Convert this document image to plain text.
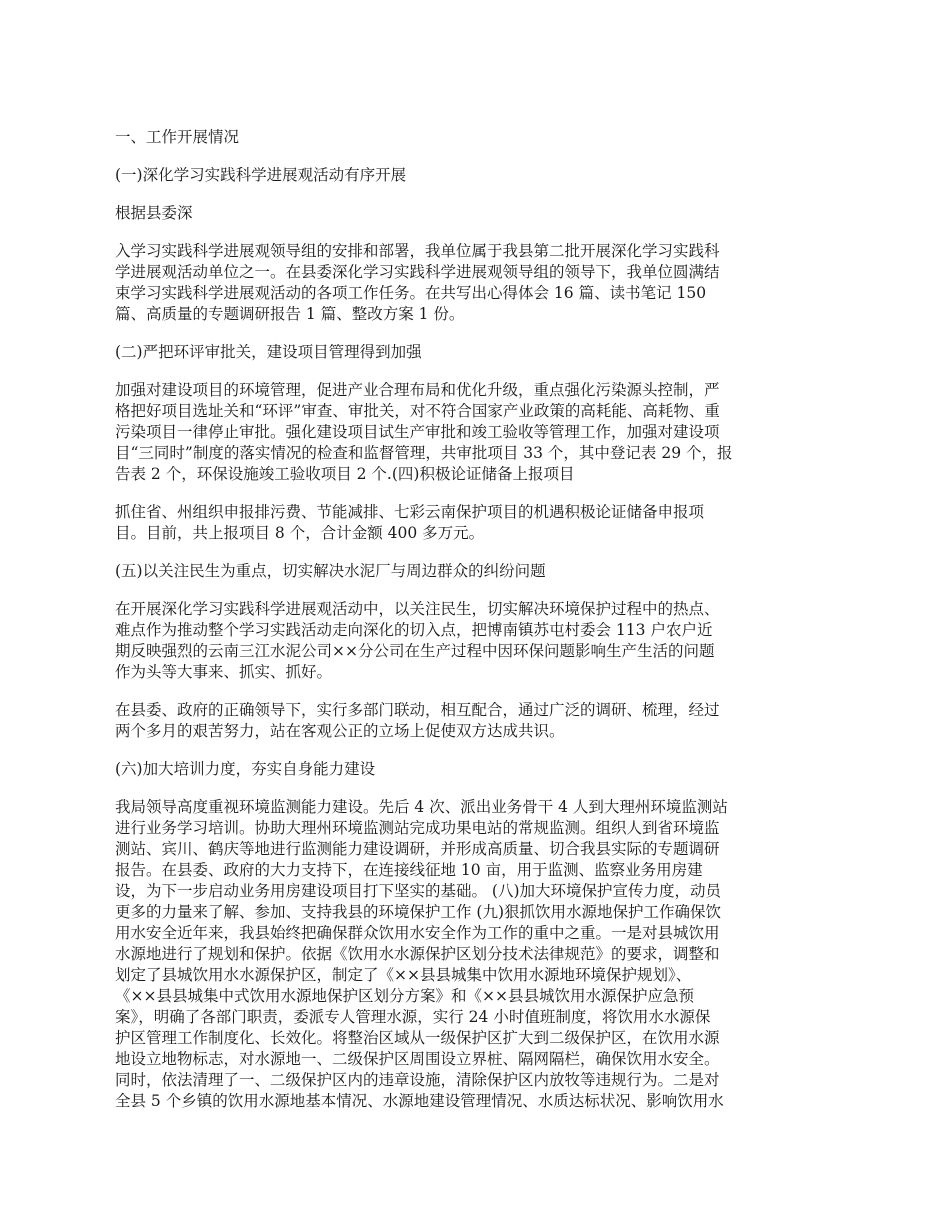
一、工作开展情况
(一)深化学习实践科学进展观活动有序开展
根据县委深

入学习实践科学进展观领导组的安排和部署，我单位属于我县第二批开展深化学习实践科
学进展观活动单位之一。在县委深化学习实践科学进展观领导组的领导下，我单位圆满结
束学习实践科学进展观活动的各项工作任务。在共写出心得体会 16 篇、读书笔记 150
篇、高质量的专题调研报告 1 篇、整改方案 1 份。

(二)严把环评审批关，建设项目管理得到加强

加强对建设项目的环境管理，促进产业合理布局和优化升级，重点强化污染源头控制，严
格把好项目选址关和“环评”审查、审批关，对不符合国家产业政策的高耗能、高耗物、重
污染项目一律停止审批。强化建设项目试生产审批和竣工验收等管理工作，加强对建设项
目“三同时”制度的落实情况的检查和监督管理，共审批项目 33 个，其中登记表 29 个，报
告表 2 个，环保设施竣工验收项目 2 个.(四)积极论证储备上报项目

抓住省、州组织申报排污费、节能减排、七彩云南保护项目的机遇积极论证储备申报项
目。目前，共上报项目 8 个，合计金额 400 多万元。

(五)以关注民生为重点，切实解决水泥厂与周边群众的纠纷问题

在开展深化学习实践科学进展观活动中，以关注民生，切实解决环境保护过程中的热点、
难点作为推动整个学习实践活动走向深化的切入点，把博南镇苏屯村委会 113 户农户近
期反映强烈的云南三江水泥公司××分公司在生产过程中因环保问题影响生产生活的问题
作为头等大事来、抓实、抓好。

在县委、政府的正确领导下，实行多部门联动，相互配合，通过广泛的调研、梳理，经过
两个多月的艰苦努力，站在客观公正的立场上促使双方达成共识。

(六)加大培训力度，夯实自身能力建设

我局领导高度重视环境监测能力建设。先后 4 次、派出业务骨干 4 人到大理州环境监测站
进行业务学习培训。协助大理州环境监测站完成功果电站的常规监测。组织人到省环境监
测站、宾川、鹤庆等地进行监测能力建设调研，并形成高质量、切合我县实际的专题调研
报告。在县委、政府的大力支持下，在连接线征地 10 亩，用于监测、监察业务用房建
设，为下一步启动业务用房建设项目打下坚实的基础。 (八)加大环境保护宣传力度，动员
更多的力量来了解、参加、支持我县的环境保护工作 (九)狠抓饮用水源地保护工作确保饮
用水安全近年来，我县始终把确保群众饮用水安全作为工作的重中之重。一是对县城饮用
水源地进行了规划和保护。依据《饮用水水源保护区划分技术法律规范》的要求，调整和
划定了县城饮用水水源保护区，制定了《××县县城集中饮用水源地环境保护规划》、
《××县县城集中式饮用水源地保护区划分方案》和《××县县城饮用水源保护应急预
案》，明确了各部门职责，委派专人管理水源，实行 24 小时值班制度，将饮用水水源保
护区管理工作制度化、长效化。将整治区域从一级保护区扩大到二级保护区，在饮用水源
地设立地物标志，对水源地一、二级保护区周围设立界桩、隔网隔栏，确保饮用水安全。
同时，依法清理了一、二级保护区内的违章设施，清除保护区内放牧等违规行为。二是对
全县 5 个乡镇的饮用水源地基本情况、水源地建设管理情况、水质达标状况、影响饮用水
